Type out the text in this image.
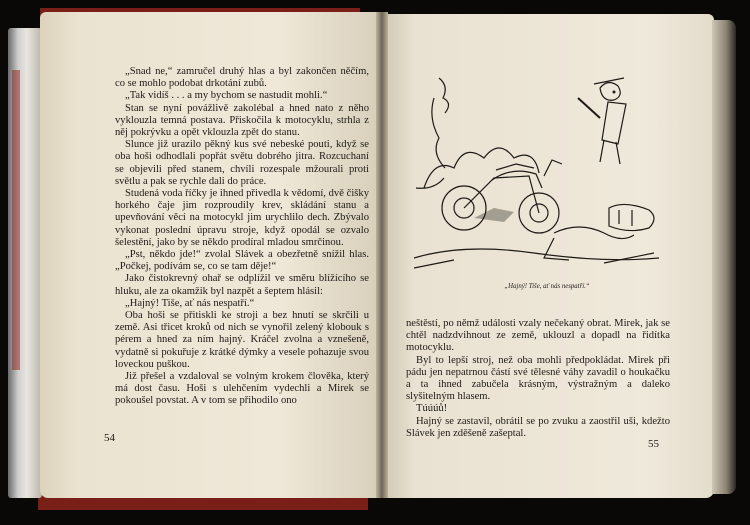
„Snad ne,“ zamručel druhý hlas a byl zakončen něčím, co se mohlo podobat drkotání zubů.

„Tak vidíš . . . a my bychom se nastudit mohli.“

Stan se nyní povážlivě zakolébal a hned nato z něho vyklouzla temná postava. Přiskočila k motocyklu, strhla z něj pokrývku a opět vklouzla zpět do stanu.

Slunce již urazilo pěkný kus své nebeské pouti, když se oba hoši odhodlali popřát světu dobrého jitra. Rozcuchaní se objevili před stanem, chvíli rozespale mžourali proti světlu a pak se rychle dali do práce.

Studená voda říčky je ihned přivedla k vědomí, dvě čišky horkého čaje jim rozproudily krev, skládání stanu a upevňování věcí na motocykl jim urychlilo dech. Zbývalo vykonat poslední úpravu stroje, když opodál se ozvalo šelestění, jako by se někdo prodíral mladou smrčinou.

„Pst, někdo jde!“ zvolal Slávek a obezřetně snížil hlas. „Počkej, podívám se, co se tam děje!“

Jako čistokrevný ohař se odplížil ve směru blížícího se hluku, ale za okamžik byl nazpět a šeptem hlásil:

„Hajný! Tiše, ať nás nespatří.“

Oba hoši se přitiskli ke stroji a bez hnutí se skrčili u země. Asi třicet kroků od nich se vynořil zelený klobouk s pérem a hned za ním hajný. Kráčel zvolna a vznešeně, vydatně si pokuřuje z krátké dýmky a vesele pohazuje svou loveckou puškou.

Již přešel a vzdaloval se volným krokem člověka, který má dost času. Hoši s ulehčením vydechli a Mirek se pokoušel povstat. A v tom se přihodilo ono

54
„Hajný! Tiše, ať nás nespatří.“

neštěstí, po němž události vzaly nečekaný obrat. Mirek, jak se chtěl nadzdvihnout ze země, uklouzl a dopadl na řidítka motocyklu.

Byl to lepší stroj, než oba mohli předpokládat. Mirek při pádu jen nepatrnou částí své tělesné váhy zavadil o houkačku a ta ihned zabučela krásným, výstražným a daleko slyšitelným hlasem.

Túúúů!

Hajný se zastavil, obrátil se po zvuku a zaostřil uši, kdežto Slávek jen zděšeně zašeptal.

55
